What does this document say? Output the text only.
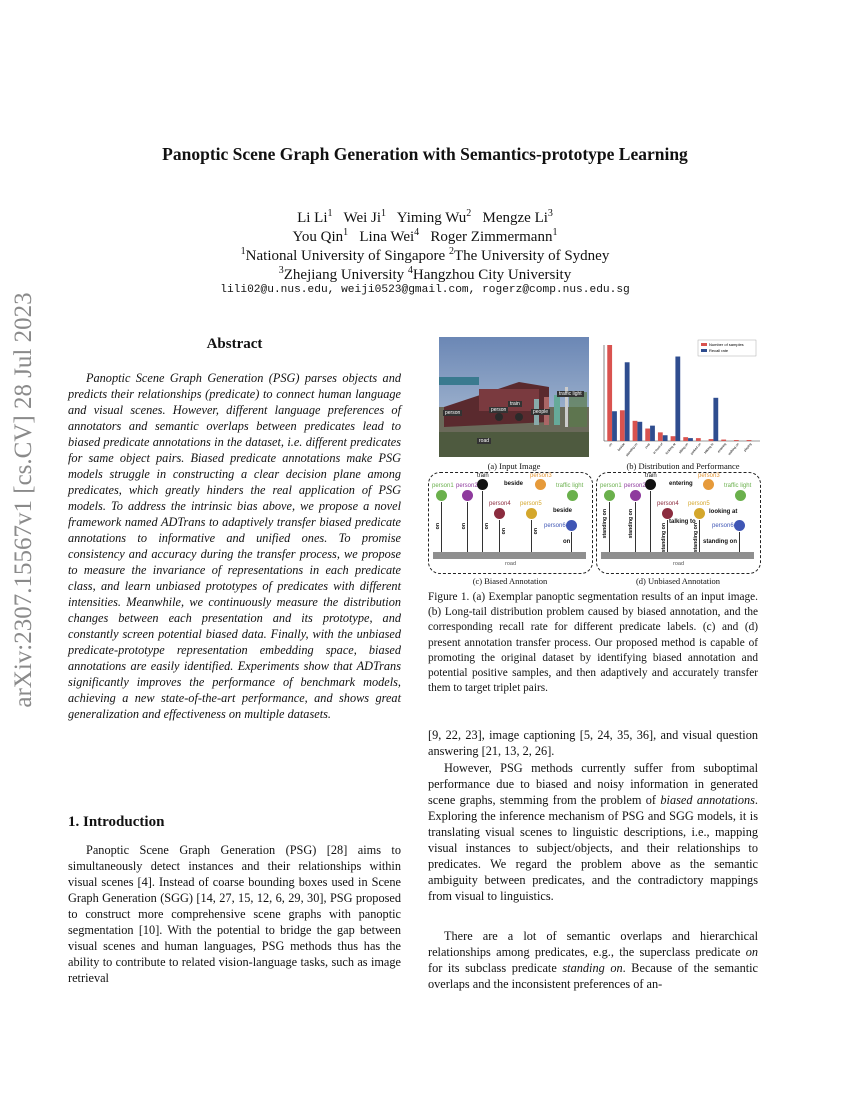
arXiv:2307.15567v1 [cs.CV] 28 Jul 2023
Panoptic Scene Graph Generation with Semantics-prototype Learning
Li Li$^1$ Wei Ji$^1$ Yiming Wu$^2$ Mengze Li$^3$
You Qin$^1$ Lina Wei$^4$ Roger Zimmermann$^1$
$^1$National University of Singapore $^2$The University of Sydney
$^3$Zhejiang University $^4$Hangzhou City University
lili02@u.nus.edu, weiji0523@gmail.com, rogerz@comp.nus.edu.sg
Abstract
Panoptic Scene Graph Generation (PSG) parses objects and predicts their relationships (predicate) to connect human language and visual scenes. However, different language preferences of annotators and semantic overlaps between predicates lead to biased predicate annotations in the dataset, i.e. different predicates for same object pairs. Biased predicate annotations make PSG models struggle in constructing a clear decision plane among predicates, which greatly hinders the real application of PSG models. To address the intrinsic bias above, we propose a novel framework named ADTrans to adaptively transfer biased predicate annotations to informative and unified ones. To promise consistency and accuracy during the transfer process, we propose to measure the invariance of representations in each predicate class, and learn unbiased prototypes of predicates with different intensities. Meanwhile, we continuously measure the distribution changes between each presentation and its prototype, and constantly screen potential biased data. Finally, with the unbiased predicate-prototype representation embedding space, biased annotations are easily identified. Experiments show that ADTrans significantly improves the performance of benchmark models, achieving a new state-of-the-art performance, and shows great generalization and effectiveness on multiple datasets.
1. Introduction
Panoptic Scene Graph Generation (PSG) [28] aims to simultaneously detect instances and their relationships within visual scenes [4]. Instead of coarse bounding boxes used in Scene Graph Generation (SGG) [14, 27, 15, 12, 6, 29, 30], PSG proposed to construct more comprehensive scene graphs with panoptic segmentation [10]. With the potential to bridge the gap between visual scenes and human languages, PSG methods thus has the ability to contribute to related vision-language tasks, such as image retrieval
[9, 22, 23], image captioning [5, 24, 35, 36], and visual question answering [21, 13, 2, 26].
However, PSG methods currently suffer from suboptimal performance due to biased and noisy information in generated scene graphs, stemming from the problem of biased annotations. Exploring the inference mechanism of PSG and SGG models, it is translating visual scenes to linguistic descriptions, i.e., mapping visual instances to subject/objects, and their relationships to predicates. We regard the problem above as the semantic ambiguity between predicates, and the contradictory mappings from visual to linguistics.
There are a lot of semantic overlaps and hierarchical relationships among predicates, e.g., the superclass predicate on for its subclass predicate standing on. Because of the semantic overlaps and the inconsistent preferences of an-
train
people
traffic light
person	person
road
(a) Input Image
Number of samples
Recall rate
on beside standing on over in front of looking at sitting on parked on talking to entering walking on playing
(b) Distribution and Performance
person1 person2
train	person3
traffic light
person4 person5
person6
beside
beside
on	on	on
on	on
on
road
(c) Biased Annotation
person1 person2
train	person3
traffic light
person4 person5
person6
entering
looking at
talking to
standing on	standing on	standing on	standing on standing on
road
(d) Unbiased Annotation
Figure 1. (a) Exemplar panoptic segmentation results of an input image. (b) Long-tail distribution problem caused by biased annotation, and the corresponding recall rate for different predicate labels. (c) and (d) present annotation transfer process. Our proposed method is capable of promoting the original dataset by identifying biased annotation and potential positive samples, and then adaptively and accurately transfer them to target triplet pairs.
